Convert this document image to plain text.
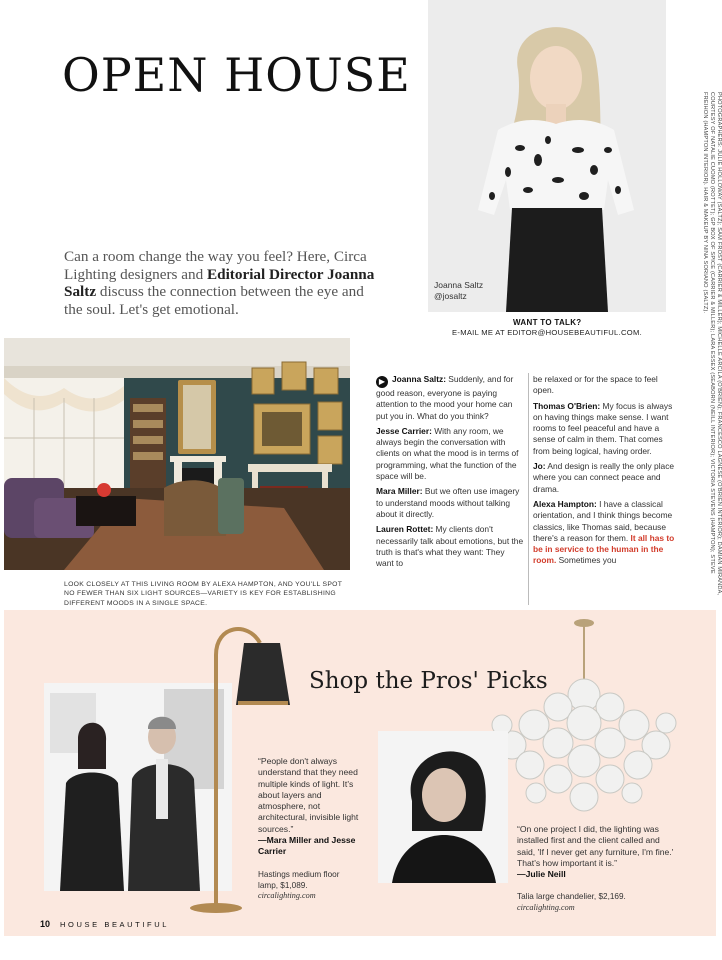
OPEN HOUSE
Can a room change the way you feel? Here, Circa Lighting designers and Editorial Director Joanna Saltz discuss the connection between the eye and the soul. Let's get emotional.
Joanna Saltz
@josaltz
WANT TO TALK?
E-MAIL ME AT EDITOR@HOUSEBEAUTIFUL.COM.	PHOTOGRAPHERS: JULIE HOLLOWAY (SALTZ); SAM FROST (CARRIER & MILLER); MICHELLE ARCILA (O'BRIEN); FRANCESCO LAGNESE (O'BRIEN INTERIOR); DAMIAN MIRANDA, COURTESY OF NATALIE CUOMO (ROTTET); GP BOX OF SPICE (CARRIER & MILLER); LARA ESSEX (SEABORN (NEILL INTERIOR); VICTORIA STEVENS (HAMPTON); STEVE FREIHON (HAMPTON INTERIOR). HAIR & MAKEUP BY NINA SORIANO (SALTZ).
LOOK CLOSELY AT THIS LIVING ROOM BY ALEXA HAMPTON, AND YOU'LL SPOT NO FEWER THAN SIX LIGHT SOURCES—VARIETY IS KEY FOR ESTABLISHING DIFFERENT MOODS IN A SINGLE SPACE.

▶ Joanna Saltz: Suddenly, and for good reason, everyone is paying attention to the mood your home can put you in. What do you think?

Jesse Carrier: With any room, we always begin the conversation with clients on what the mood is in terms of programming, what the function of the space will be.

Mara Miller: But we often use imagery to understand moods without talking about it directly.

Lauren Rottet: My clients don't necessarily talk about emotions, but the truth is that's what they want: They want to

be relaxed or for the space to feel open.

Thomas O'Brien: My focus is always on having things make sense. I want rooms to feel peaceful and have a sense of calm in them. That comes from being logical, having order.

Jo: And design is really the only place where you can connect peace and drama.

Alexa Hampton: I have a classical orientation, and I think things become classics, like Thomas said, because there's a reason for them. It all has to be in service to the human in the room. Sometimes you

Shop the Pros' Picks
“People don't always understand that they need multiple kinds of light. It's about layers and atmosphere, not architectural, invisible light sources.”
—Mara Miller and Jesse Carrier
Hastings medium floor lamp, $1,089.
circalighting.com
“On one project I did, the lighting was installed first and the client called and said, 'If I never get any furniture, I'm fine.' That's how important it is.”
—Julie Neill
Talia large chandelier, $2,169.
circalighting.com
10 HOUSE BEAUTIFUL
